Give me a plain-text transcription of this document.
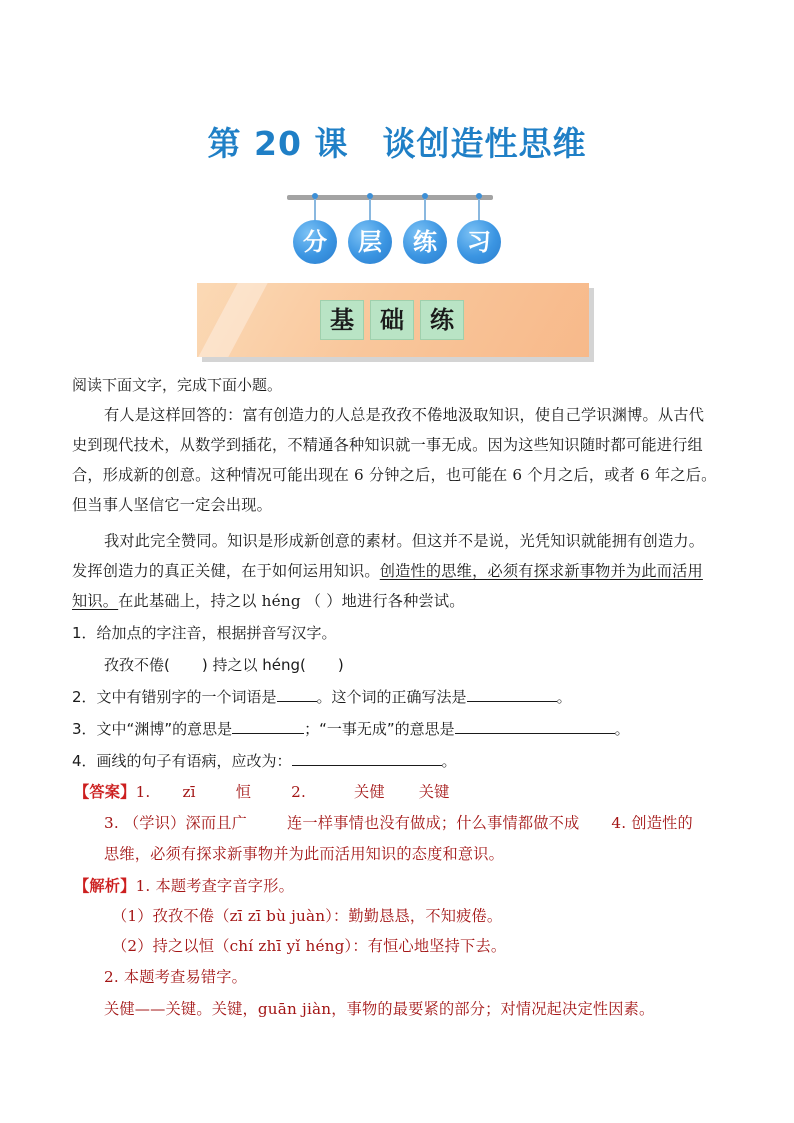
第 20 课 谈创造性思维
分	层	练	习
基	础	练
阅读下面文字，完成下面小题。
有人是这样回答的：富有创造力的人总是孜孜不倦地汲取知识，使自己学识渊博。从古代
史到现代技术，从数学到插花，不精通各种知识就一事无成。因为这些知识随时都可能进行组
合，形成新的创意。这种情况可能出现在 6 分钟之后，也可能在 6 个月之后，或者 6 年之后。
但当事人坚信它一定会出现。
我对此完全赞同。知识是形成新创意的素材。但这并不是说，光凭知识就能拥有创造力。
发挥创造力的真正关健，在于如何运用知识。创造性的思维，必须有探求新事物并为此而活用
知识。在此基础上，持之以 héng （ ）地进行各种尝试。
1．给加点的字注音，根据拼音写汉字。
孜孜不倦( ) 持之以 héng( )
2．文中有错别字的一个词语是	。这个词的正确写法是	。
3．文中“渊博”的意思是	；“一事无成”的意思是	。
4．画线的句子有语病，应改为：	。
【答案】1. zī	恒	2.	关健 关键
3. （学识）深而且广	连一样事情也没有做成；什么事情都做不成 4. 创造性的
思维，必须有探求新事物并为此而活用知识的态度和意识。
【解析】1. 本题考查字音字形。
（1）孜孜不倦（zī zī bù juàn）：勤勤恳恳，不知疲倦。
（2）持之以恒（chí zhī yǐ héng）：有恒心地坚持下去。
2. 本题考查易错字。
关健——关键。关键，guān jiàn，事物的最要紧的部分；对情况起决定性因素。
